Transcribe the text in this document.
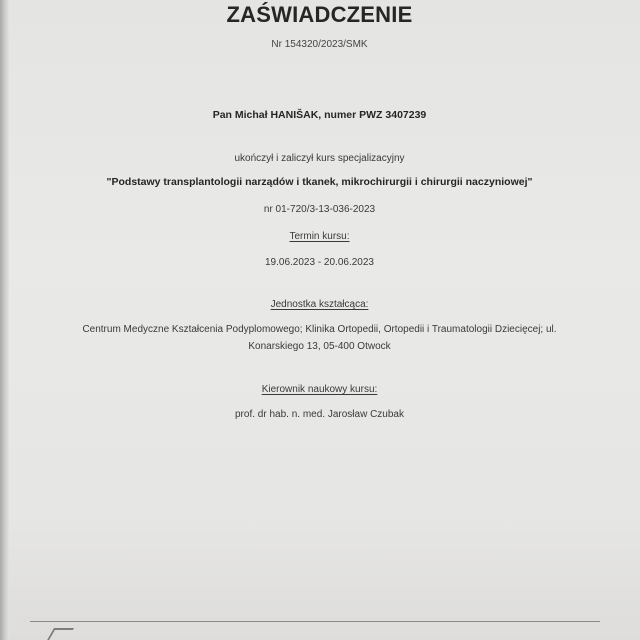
ZAŚWIADCZENIE
Nr 154320/2023/SMK
Pan Michał HANIŠAK, numer PWZ 3407239
ukończył i zaliczył kurs specjalizacyjny
"Podstawy transplantologii narządów i tkanek, mikrochirurgii i chirurgii naczyniowej"
nr 01-720/3-13-036-2023
Termin kursu:
19.06.2023 - 20.06.2023
Jednostka kształcąca:
Centrum Medyczne Kształcenia Podyplomowego; Klinika Ortopedii, Ortopedii i Traumatologii Dziecięcej; ul.
Konarskiego 13, 05-400 Otwock
Kierownik naukowy kursu:
prof. dr hab. n. med. Jarosław Czubak
